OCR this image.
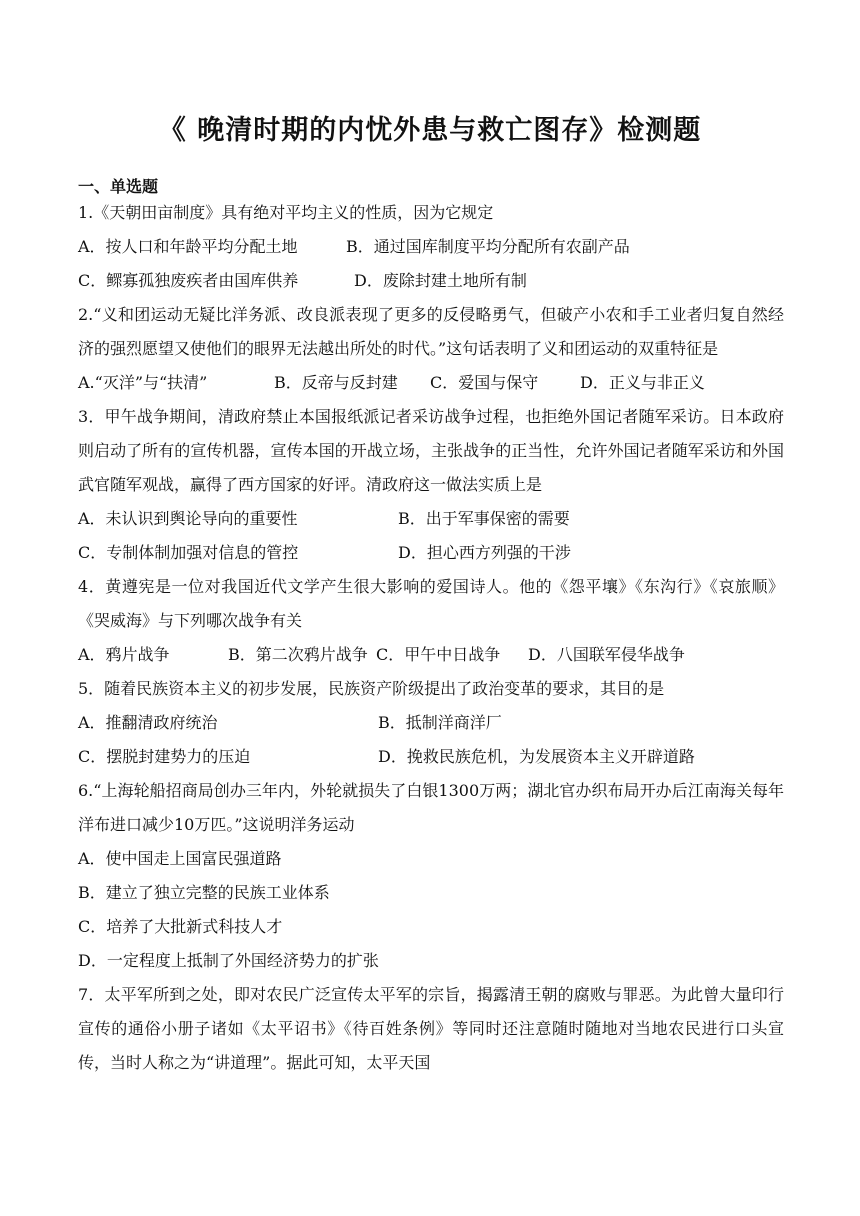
《 晚清时期的内忧外患与救亡图存》检测题
一、单选题
1.《天朝田亩制度》具有绝对平均主义的性质，因为它规定
A．按人口和年龄平均分配土地	B．通过国库制度平均分配所有农副产品
C．鳏寡孤独废疾者由国库供养	D．废除封建土地所有制
2.“义和团运动无疑比洋务派、改良派表现了更多的反侵略勇气，但破产小农和手工业者归复自然经济的强烈愿望又使他们的眼界无法越出所处的时代。”这句话表明了义和团运动的双重特征是
A.“灭洋”与“扶清”	B．反帝与反封建 C．爱国与保守	D．正义与非正义
3．甲午战争期间，清政府禁止本国报纸派记者采访战争过程，也拒绝外国记者随军采访。日本政府则启动了所有的宣传机器，宣传本国的开战立场，主张战争的正当性，允许外国记者随军采访和外国武官随军观战，赢得了西方国家的好评。清政府这一做法实质上是
A．未认识到舆论导向的重要性	B．出于军事保密的需要
C．专制体制加强对信息的管控	D．担心西方列强的干涉
4．黄遵宪是一位对我国近代文学产生很大影响的爱国诗人。他的《怨平壤》《东沟行》《哀旅顺》《哭威海》与下列哪次战争有关
A．鸦片战争	B．第二次鸦片战争 C．甲午中日战争 D．八国联军侵华战争
5．随着民族资本主义的初步发展，民族资产阶级提出了政治变革的要求，其目的是
A．推翻清政府统治	B．抵制洋商洋厂
C．摆脱封建势力的压迫	D．挽救民族危机，为发展资本主义开辟道路
6.“上海轮船招商局创办三年内，外轮就损失了白银1300万两；湖北官办织布局开办后江南海关每年洋布进口减少10万匹。”这说明洋务运动
A．使中国走上国富民强道路
B．建立了独立完整的民族工业体系
C．培养了大批新式科技人才
D．一定程度上抵制了外国经济势力的扩张
7．太平军所到之处，即对农民广泛宣传太平军的宗旨，揭露清王朝的腐败与罪恶。为此曾大量印行宣传的通俗小册子诸如《太平诏书》《待百姓条例》等同时还注意随时随地对当地农民进行口头宣传，当时人称之为“讲道理”。据此可知，太平天国
